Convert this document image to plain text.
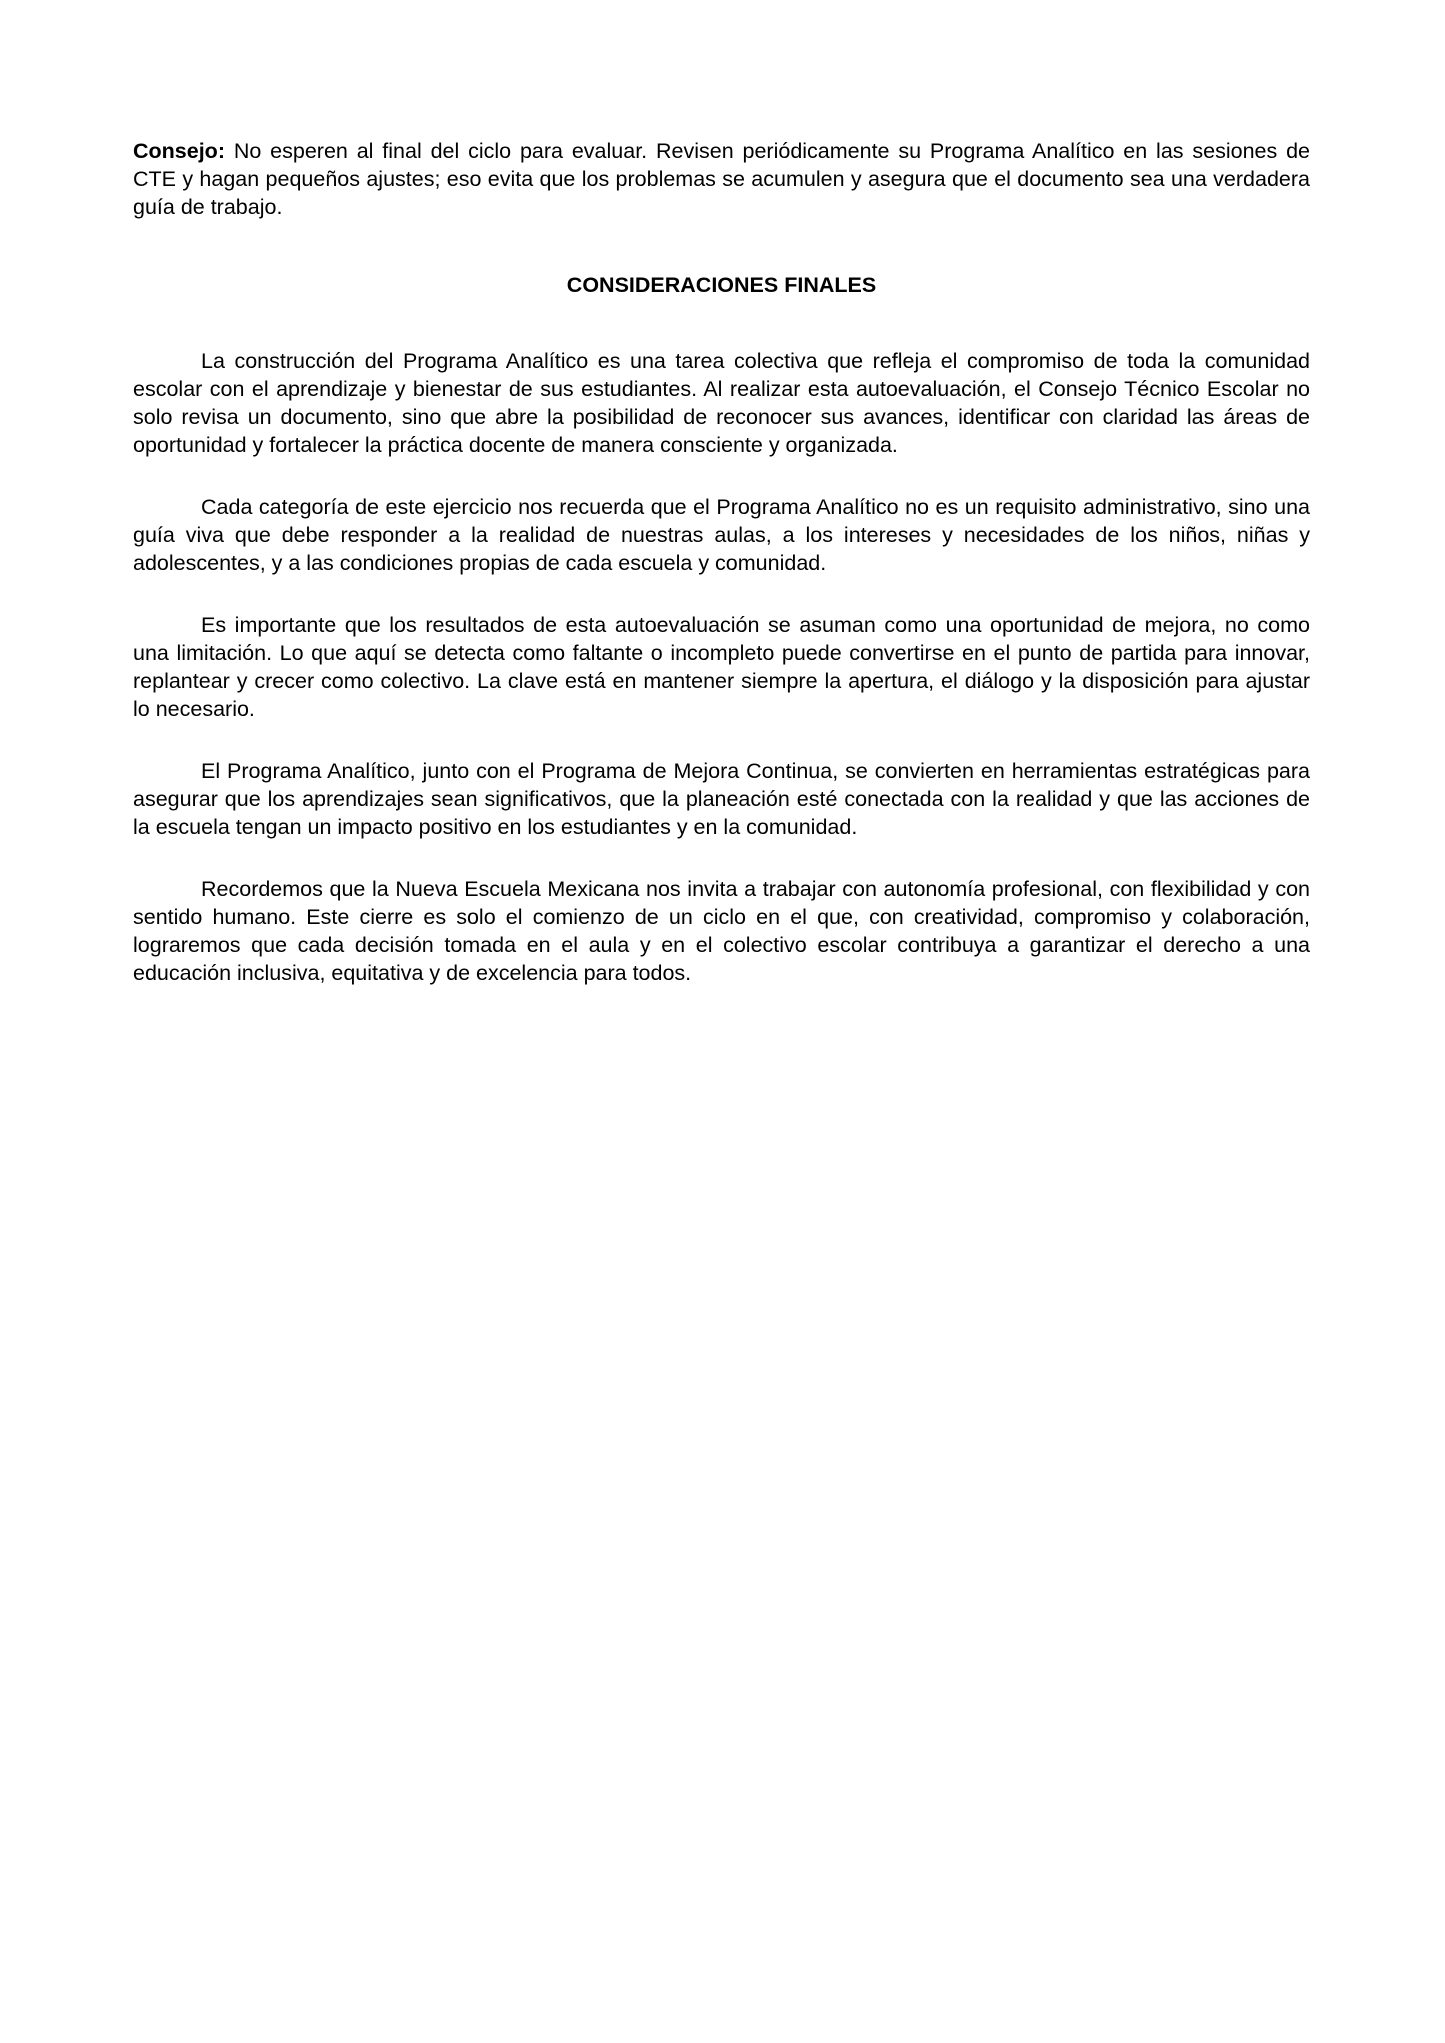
Consejo: No esperen al final del ciclo para evaluar. Revisen periódicamente su Programa Analítico en las sesiones de CTE y hagan pequeños ajustes; eso evita que los problemas se acumulen y asegura que el documento sea una verdadera guía de trabajo.

CONSIDERACIONES FINALES

La construcción del Programa Analítico es una tarea colectiva que refleja el compromiso de toda la comunidad escolar con el aprendizaje y bienestar de sus estudiantes. Al realizar esta autoevaluación, el Consejo Técnico Escolar no solo revisa un documento, sino que abre la posibilidad de reconocer sus avances, identificar con claridad las áreas de oportunidad y fortalecer la práctica docente de manera consciente y organizada.

Cada categoría de este ejercicio nos recuerda que el Programa Analítico no es un requisito administrativo, sino una guía viva que debe responder a la realidad de nuestras aulas, a los intereses y necesidades de los niños, niñas y adolescentes, y a las condiciones propias de cada escuela y comunidad.

Es importante que los resultados de esta autoevaluación se asuman como una oportunidad de mejora, no como una limitación. Lo que aquí se detecta como faltante o incompleto puede convertirse en el punto de partida para innovar, replantear y crecer como colectivo. La clave está en mantener siempre la apertura, el diálogo y la disposición para ajustar lo necesario.

El Programa Analítico, junto con el Programa de Mejora Continua, se convierten en herramientas estratégicas para asegurar que los aprendizajes sean significativos, que la planeación esté conectada con la realidad y que las acciones de la escuela tengan un impacto positivo en los estudiantes y en la comunidad.

Recordemos que la Nueva Escuela Mexicana nos invita a trabajar con autonomía profesional, con flexibilidad y con sentido humano. Este cierre es solo el comienzo de un ciclo en el que, con creatividad, compromiso y colaboración, lograremos que cada decisión tomada en el aula y en el colectivo escolar contribuya a garantizar el derecho a una educación inclusiva, equitativa y de excelencia para todos.
